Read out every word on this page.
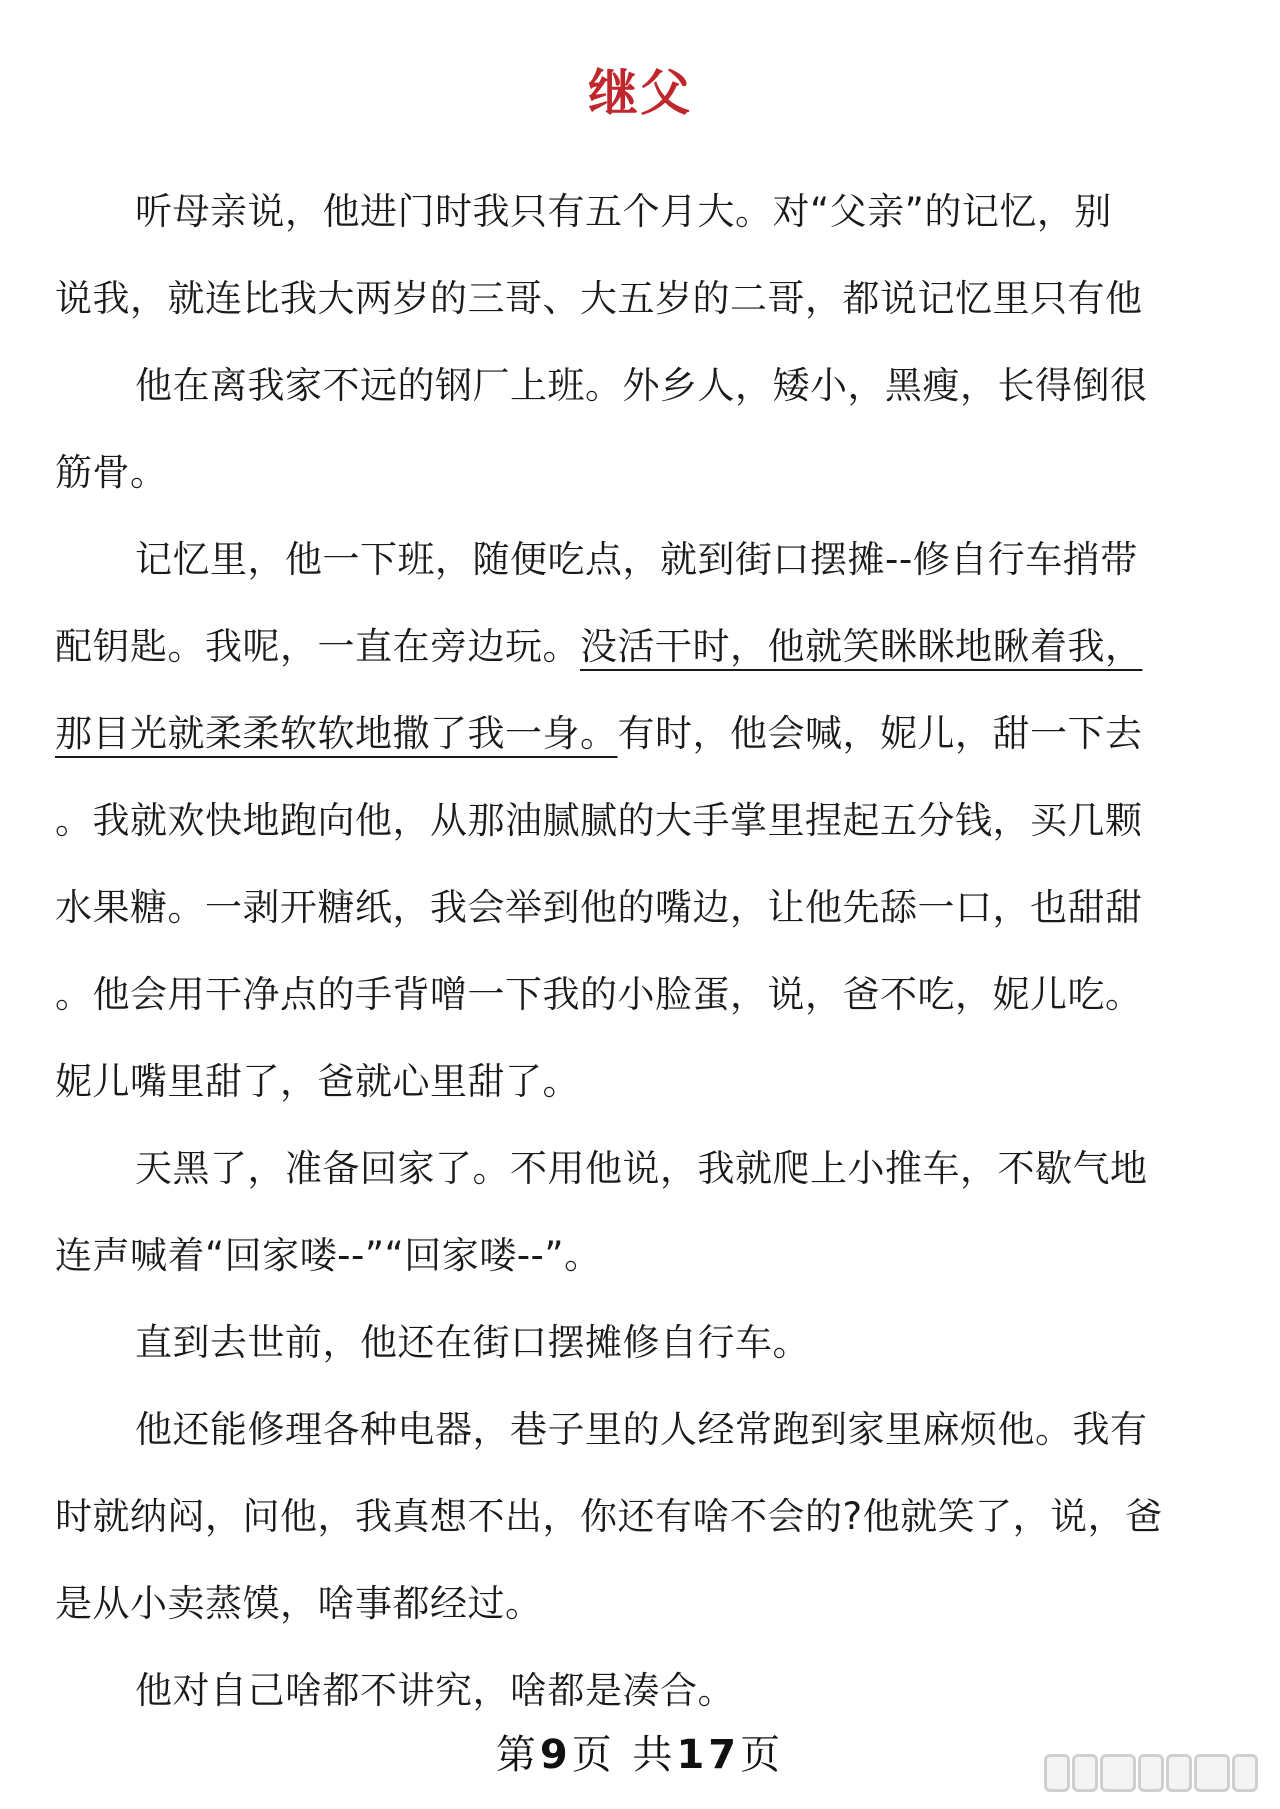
继父
听母亲说，他进门时我只有五个月大。对“父亲”的记忆，别
说我，就连比我大两岁的三哥、大五岁的二哥，都说记忆里只有他
他在离我家不远的钢厂上班。外乡人，矮小，黑瘦，长得倒很
筋骨。
记忆里，他一下班，随便吃点，就到街口摆摊--修自行车捎带
配钥匙。我呢，一直在旁边玩。没活干时，他就笑眯眯地瞅着我，
那目光就柔柔软软地撒了我一身。有时，他会喊，妮儿，甜一下去
。我就欢快地跑向他，从那油腻腻的大手掌里捏起五分钱，买几颗
水果糖。一剥开糖纸，我会举到他的嘴边，让他先舔一口，也甜甜
。他会用干净点的手背噌一下我的小脸蛋，说，爸不吃，妮儿吃。
妮儿嘴里甜了，爸就心里甜了。
天黑了，准备回家了。不用他说，我就爬上小推车，不歇气地
连声喊着“回家喽--”“回家喽--”。
直到去世前，他还在街口摆摊修自行车。
他还能修理各种电器，巷子里的人经常跑到家里麻烦他。我有
时就纳闷，问他，我真想不出，你还有啥不会的?他就笑了，说，爸
是从小卖蒸馍，啥事都经过。
他对自己啥都不讲究，啥都是凑合。
第9页 共17页
